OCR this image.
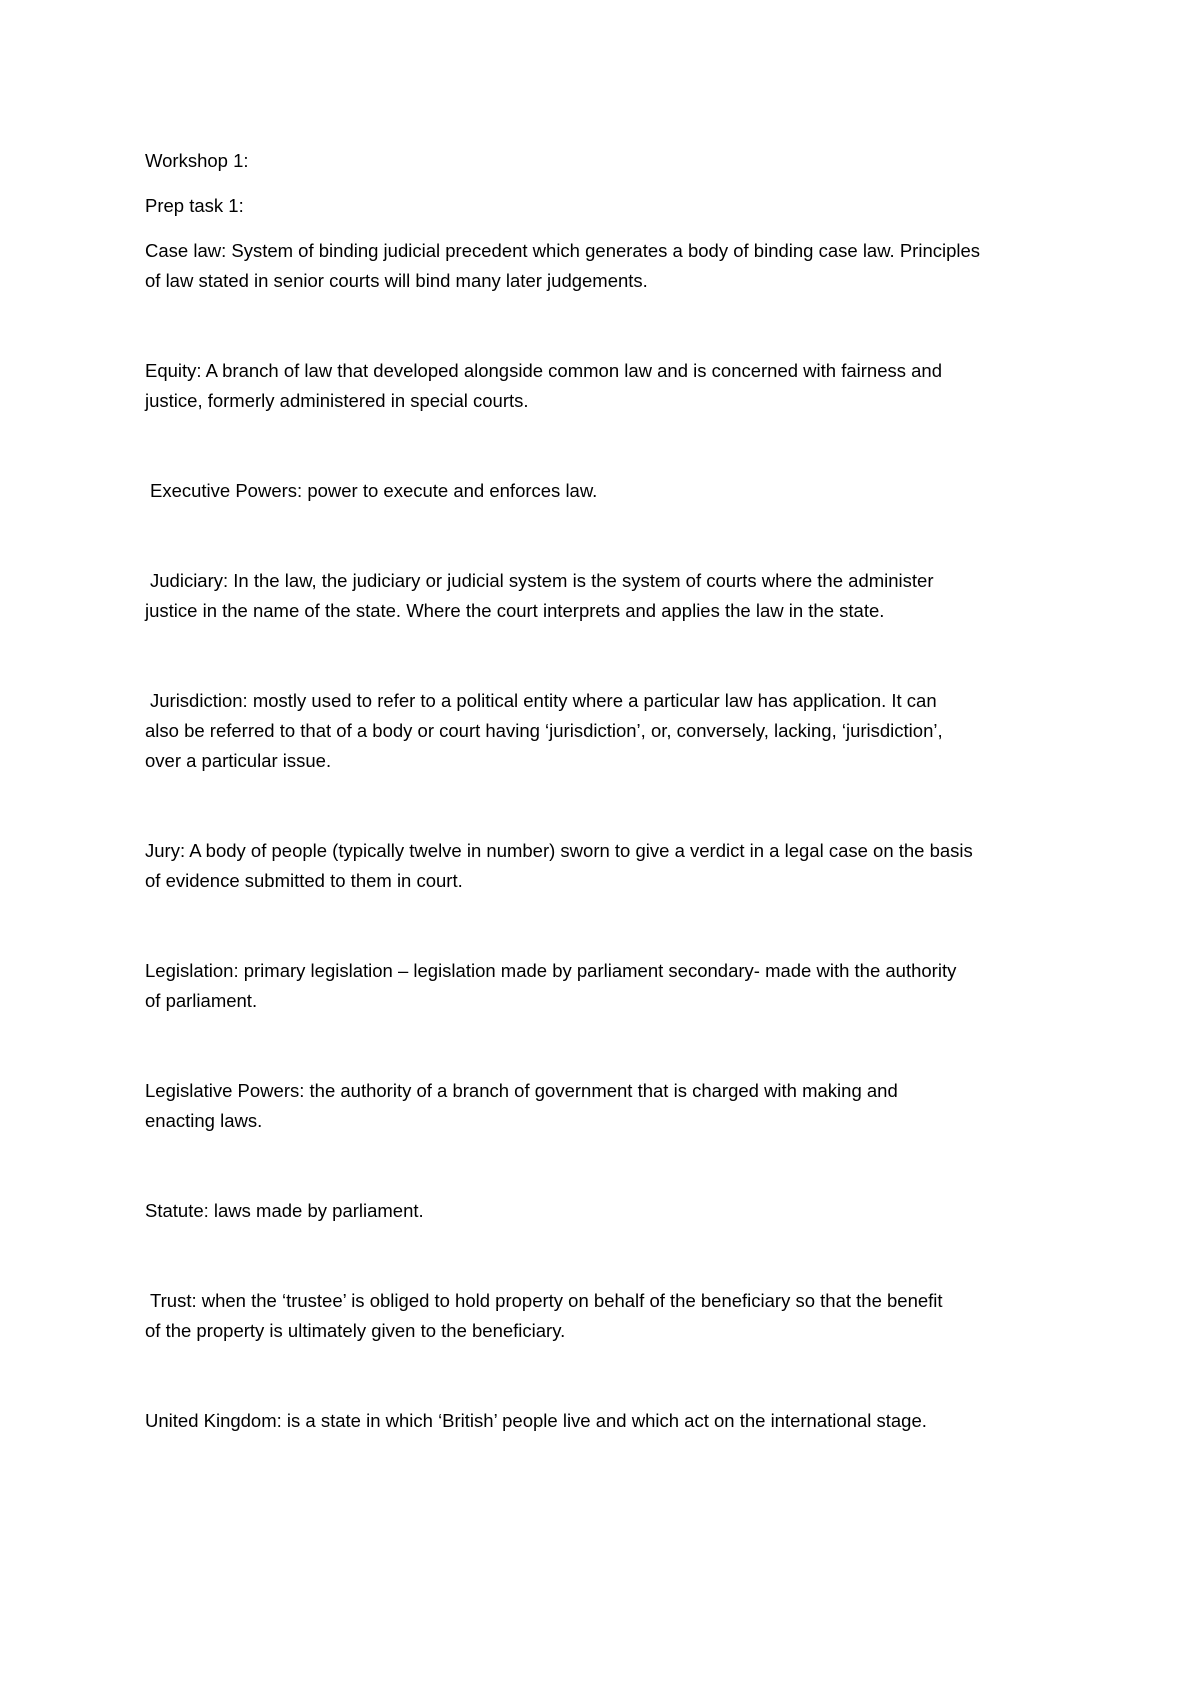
Workshop 1:

Prep task 1:

Case law: System of binding judicial precedent which generates a body of binding case law. Principles

of law stated in senior courts will bind many later judgements.

Equity: A branch of law that developed alongside common law and is concerned with fairness and

justice, formerly administered in special courts.

Executive Powers: power to execute and enforces law.

Judiciary: In the law, the judiciary or judicial system is the system of courts where the administer

justice in the name of the state. Where the court interprets and applies the law in the state.

Jurisdiction: mostly used to refer to a political entity where a particular law has application. It can

also be referred to that of a body or court having ‘jurisdiction’, or, conversely, lacking, ‘jurisdiction’,

over a particular issue.

Jury: A body of people (typically twelve in number) sworn to give a verdict in a legal case on the basis

of evidence submitted to them in court.

Legislation: primary legislation – legislation made by parliament secondary- made with the authority

of parliament.

Legislative Powers: the authority of a branch of government that is charged with making and

enacting laws.

Statute: laws made by parliament.

Trust: when the ‘trustee’ is obliged to hold property on behalf of the beneficiary so that the benefit

of the property is ultimately given to the beneficiary.

United Kingdom: is a state in which ‘British’ people live and which act on the international stage.
